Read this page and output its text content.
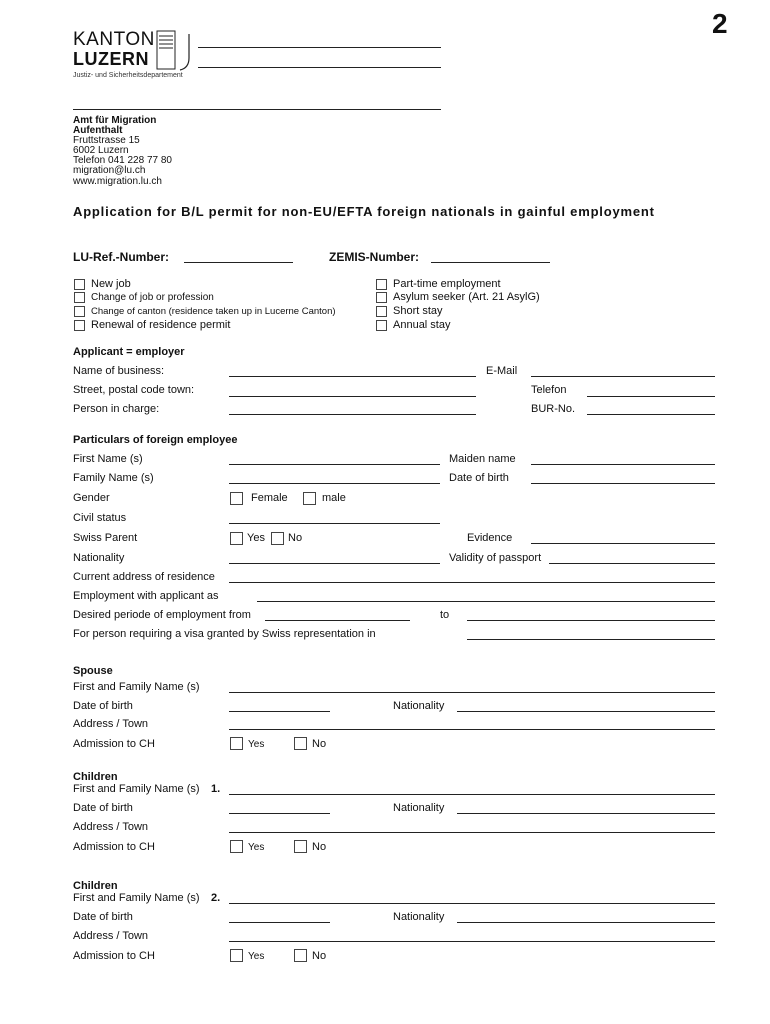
2
KANTON
LUZERN
Justiz- und Sicherheitsdepartement
Amt für Migration
Aufenthalt
Fruttstrasse 15
6002 Luzern
Telefon 041 228 77 80
migration@lu.ch
www.migration.lu.ch
Application for B/L permit for non-EU/EFTA foreign nationals in gainful employment
LU-Ref.-Number:	ZEMIS-Number:
New job
Change of job or profession
Change of canton (residence taken up in Lucerne Canton)
Renewal of residence permit
Part-time employment
Asylum seeker (Art. 21 AsylG)
Short stay
Annual stay
Applicant = employer
Name of business:	E-Mail
Street, postal code town:	Telefon
Person in charge:	BUR-No.
Particulars of foreign employee
First Name (s)	Maiden name
Family Name (s)	Date of birth
Gender	Female	male
Civil status
Swiss Parent	Yes No	Evidence
Nationality	Validity of passport
Current address of residence
Employment with applicant as
Desired periode of employment from	to
For person requiring a visa granted by Swiss representation in
Spouse
First and Family Name (s)
Date of birth	Nationality
Address / Town
Admission to CH	Yes	No
Children
First and Family Name (s) 1.
Date of birth	Nationality
Address / Town
Admission to CH	Yes	No
Children
First and Family Name (s) 2.
Date of birth	Nationality
Address / Town
Admission to CH	Yes	No
